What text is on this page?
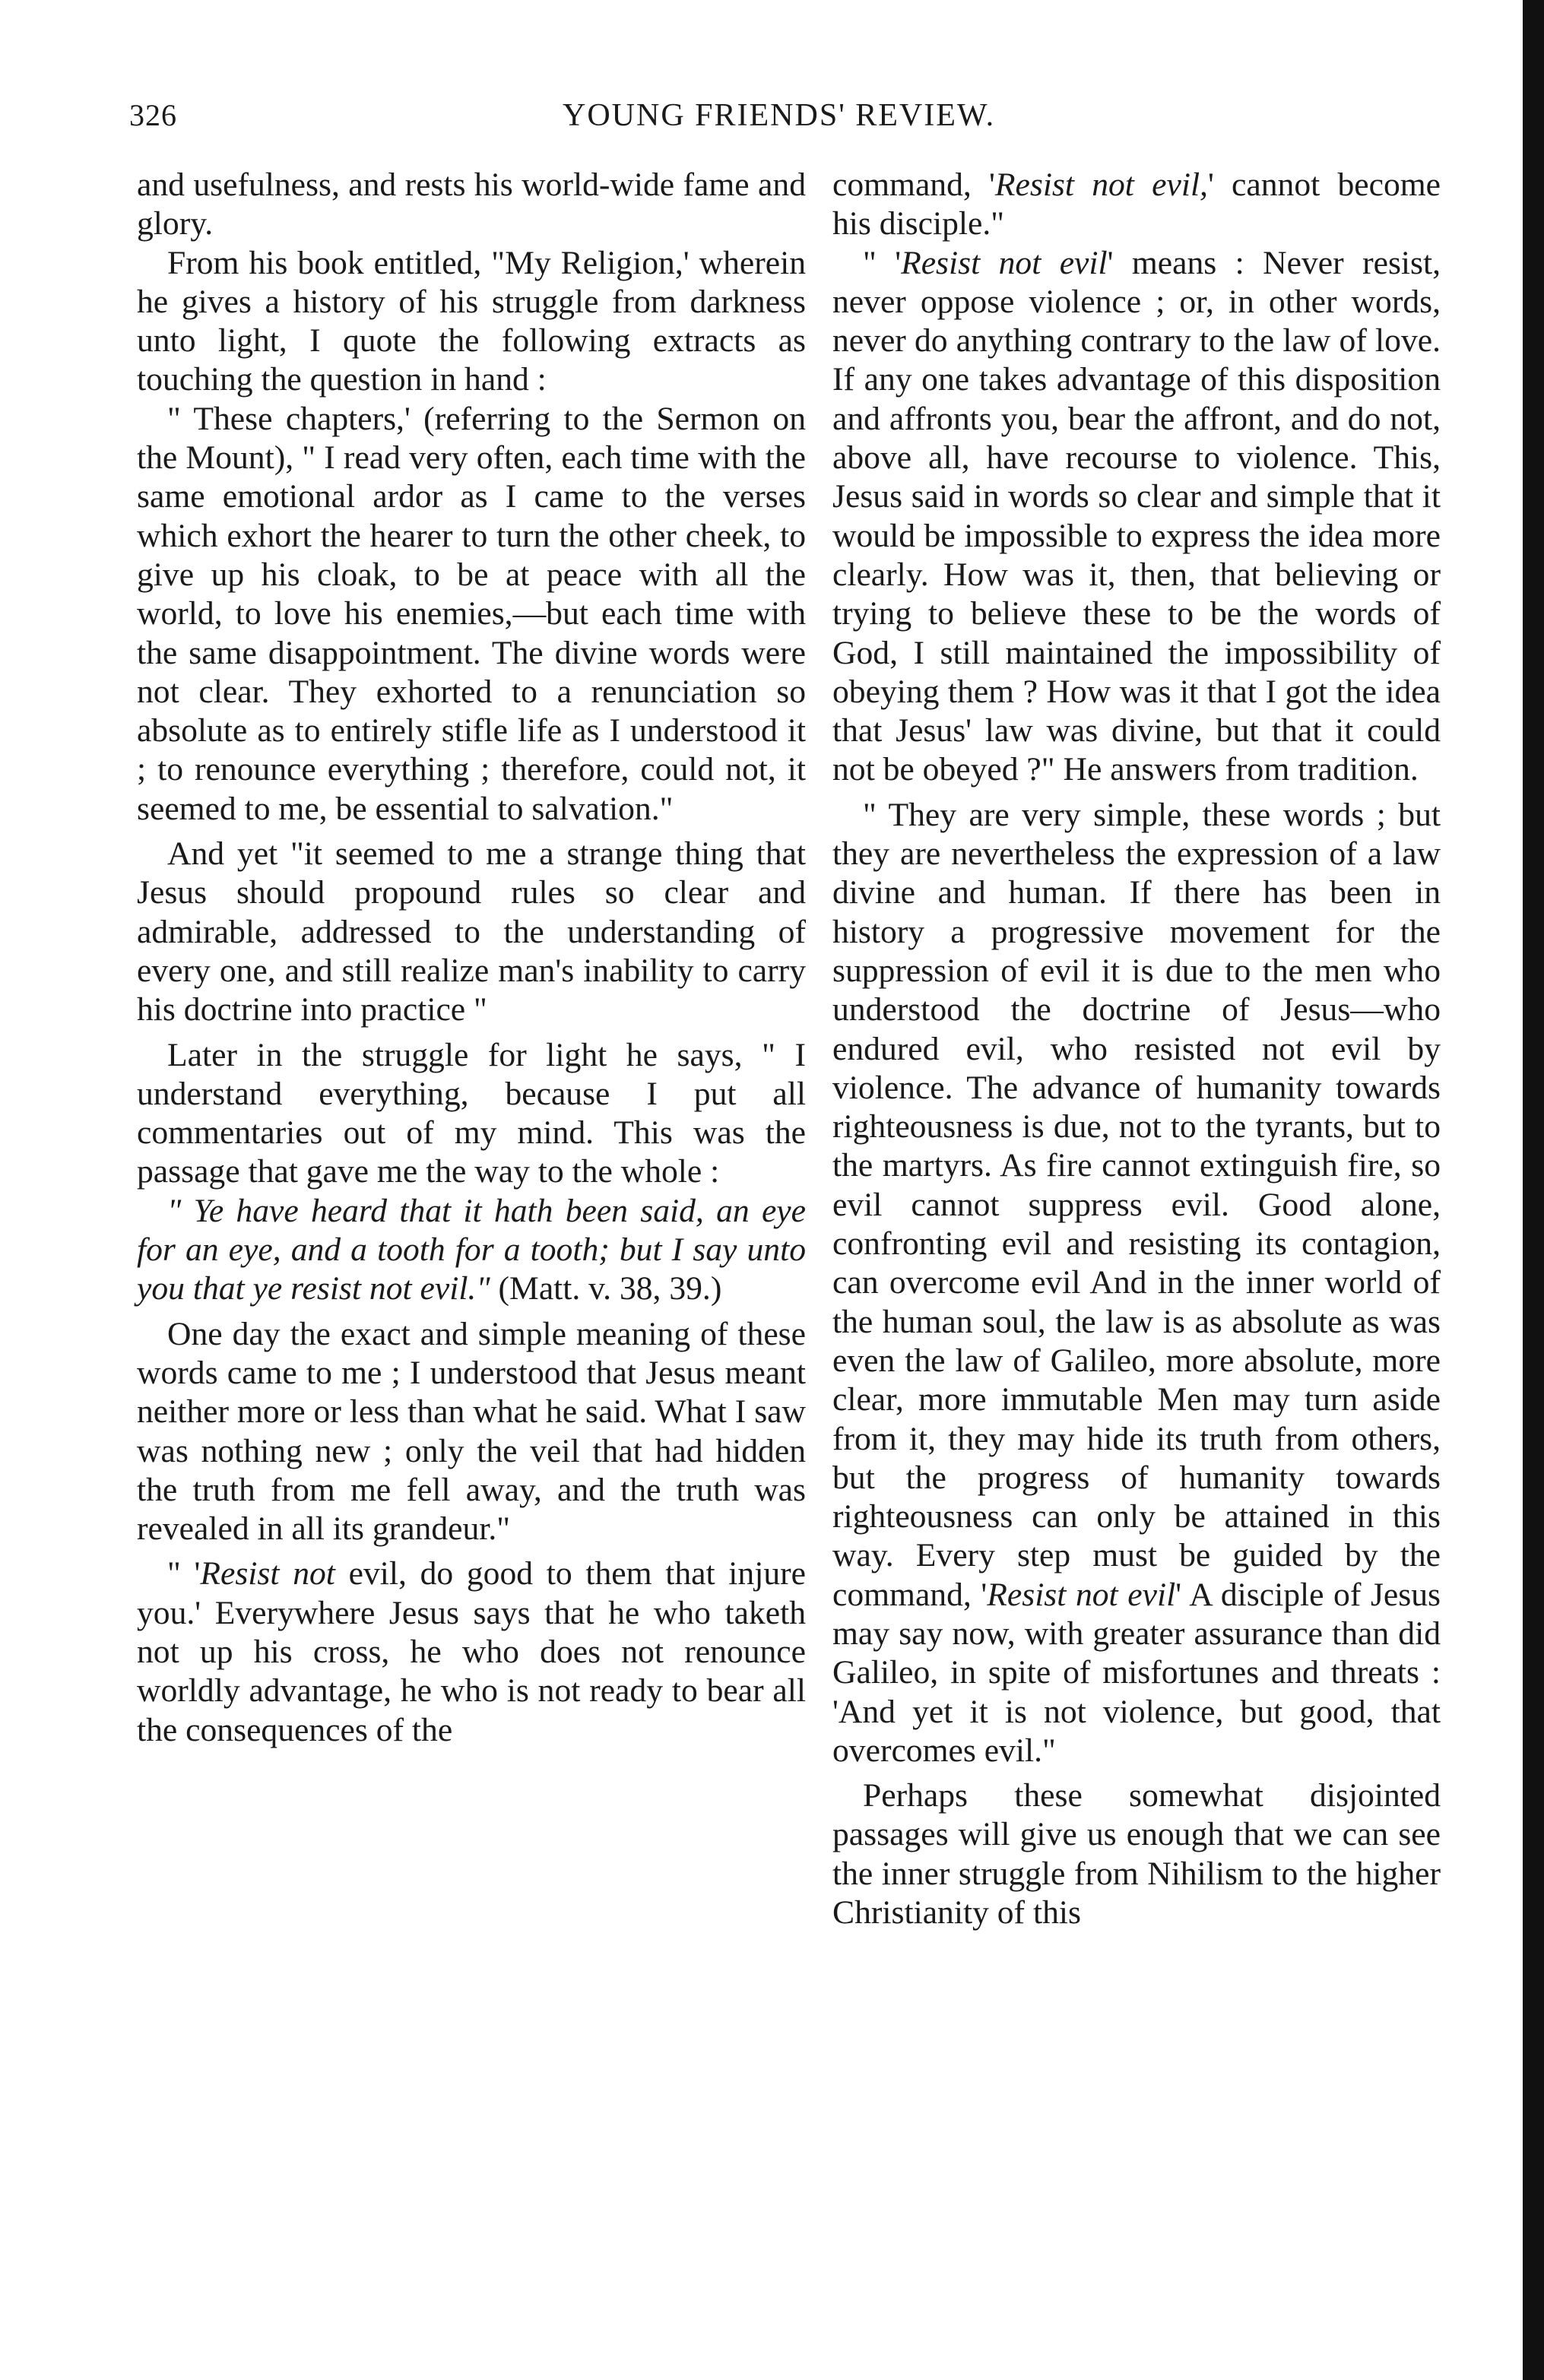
326	YOUNG FRIENDS' REVIEW.

and usefulness, and rests his world-wide fame and glory.

From his book entitled, "My Religion,' wherein he gives a history of his struggle from darkness unto light, I quote the following extracts as touching the question in hand :

" These chapters,' (referring to the Sermon on the Mount), " I read very often, each time with the same emotional ardor as I came to the verses which exhort the hearer to turn the other cheek, to give up his cloak, to be at peace with all the world, to love his enemies,—but each time with the same disappointment. The divine words were not clear. They exhorted to a renunciation so absolute as to entirely stifle life as I understood it ; to renounce everything ; therefore, could not, it seemed to me, be essential to salvation."

And yet "it seemed to me a strange thing that Jesus should propound rules so clear and admirable, addressed to the understanding of every one, and still realize man's inability to carry his doctrine into practice "

Later in the struggle for light he says, " I understand everything, because I put all commentaries out of my mind. This was the passage that gave me the way to the whole :

" Ye have heard that it hath been said, an eye for an eye, and a tooth for a tooth; but I say unto you that ye resist not evil." (Matt. v. 38, 39.)

One day the exact and simple meaning of these words came to me ; I understood that Jesus meant neither more or less than what he said. What I saw was nothing new ; only the veil that had hidden the truth from me fell away, and the truth was revealed in all its grandeur."

" 'Resist not evil, do good to them that injure you.' Everywhere Jesus says that he who taketh not up his cross, he who does not renounce worldly advantage, he who is not ready to bear all the consequences of the

command, 'Resist not evil,' cannot become his disciple."

" 'Resist not evil' means : Never resist, never oppose violence ; or, in other words, never do anything contrary to the law of love. If any one takes advantage of this disposition and affronts you, bear the affront, and do not, above all, have recourse to violence. This, Jesus said in words so clear and simple that it would be impossible to express the idea more clearly. How was it, then, that believing or trying to believe these to be the words of God, I still maintained the impossibility of obeying them ? How was it that I got the idea that Jesus' law was divine, but that it could not be obeyed ?" He answers from tradition.

" They are very simple, these words ; but they are nevertheless the expression of a law divine and human. If there has been in history a progressive movement for the suppression of evil it is due to the men who understood the doctrine of Jesus—who endured evil, who resisted not evil by violence. The advance of humanity towards righteousness is due, not to the tyrants, but to the martyrs. As fire cannot extinguish fire, so evil cannot suppress evil. Good alone, confronting evil and resisting its contagion, can overcome evil And in the inner world of the human soul, the law is as absolute as was even the law of Galileo, more absolute, more clear, more immutable Men may turn aside from it, they may hide its truth from others, but the progress of humanity towards righteousness can only be attained in this way. Every step must be guided by the command, 'Resist not evil' A disciple of Jesus may say now, with greater assurance than did Galileo, in spite of misfortunes and threats : 'And yet it is not violence, but good, that overcomes evil."

Perhaps these somewhat disjointed passages will give us enough that we can see the inner struggle from Nihilism to the higher Christianity of this
